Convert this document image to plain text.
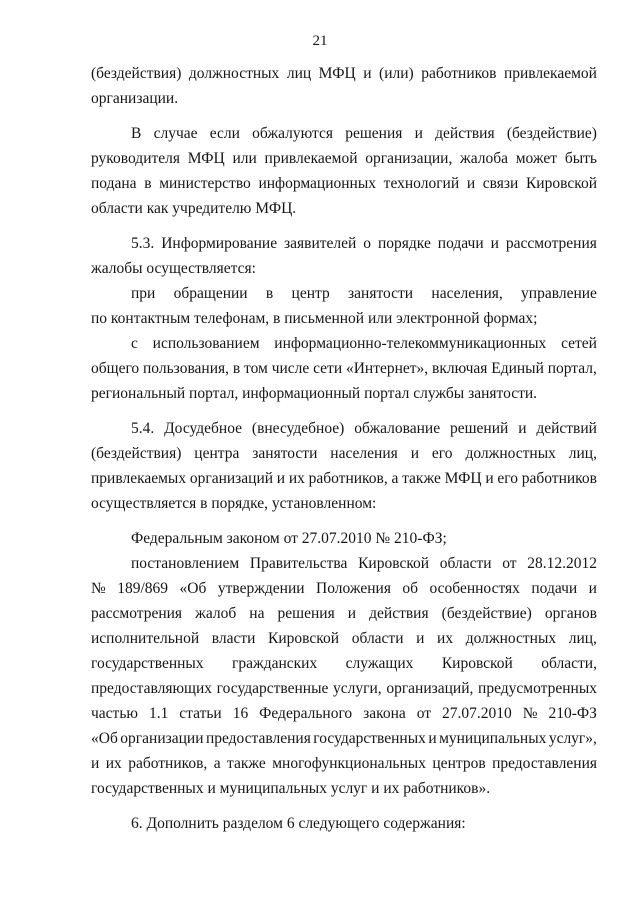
21
(бездействия) должностных лиц МФЦ и (или) работников привлекаемой
организации.
В случае если обжалуются решения и действия (бездействие)
руководителя МФЦ или привлекаемой организации, жалоба может быть
подана в министерство информационных технологий и связи Кировской
области как учредителю МФЦ.
5.3. Информирование заявителей о порядке подачи и рассмотрения
жалобы осуществляется:
при обращении в центр занятости населения, управление
по контактным телефонам, в письменной или электронной формах;
с использованием информационно-телекоммуникационных сетей
общего пользования, в том числе сети «Интернет», включая Единый портал,
региональный портал, информационный портал службы занятости.
5.4. Досудебное (внесудебное) обжалование решений и действий
(бездействия) центра занятости населения и его должностных лиц,
привлекаемых организаций и их работников, а также МФЦ и его работников
осуществляется в порядке, установленном:
Федеральным законом от 27.07.2010 № 210-ФЗ;
постановлением Правительства Кировской области от 28.12.2012
№ 189/869 «Об утверждении Положения об особенностях подачи и
рассмотрения жалоб на решения и действия (бездействие) органов
исполнительной власти Кировской области и их должностных лиц,
государственных гражданских служащих Кировской области,
предоставляющих государственные услуги, организаций, предусмотренных
частью 1.1 статьи 16 Федерального закона от 27.07.2010 № 210-ФЗ
«Об организации предоставления государственных и муниципальных услуг»,
и их работников, а также многофункциональных центров предоставления
государственных и муниципальных услуг и их работников».
6. Дополнить разделом 6 следующего содержания:
